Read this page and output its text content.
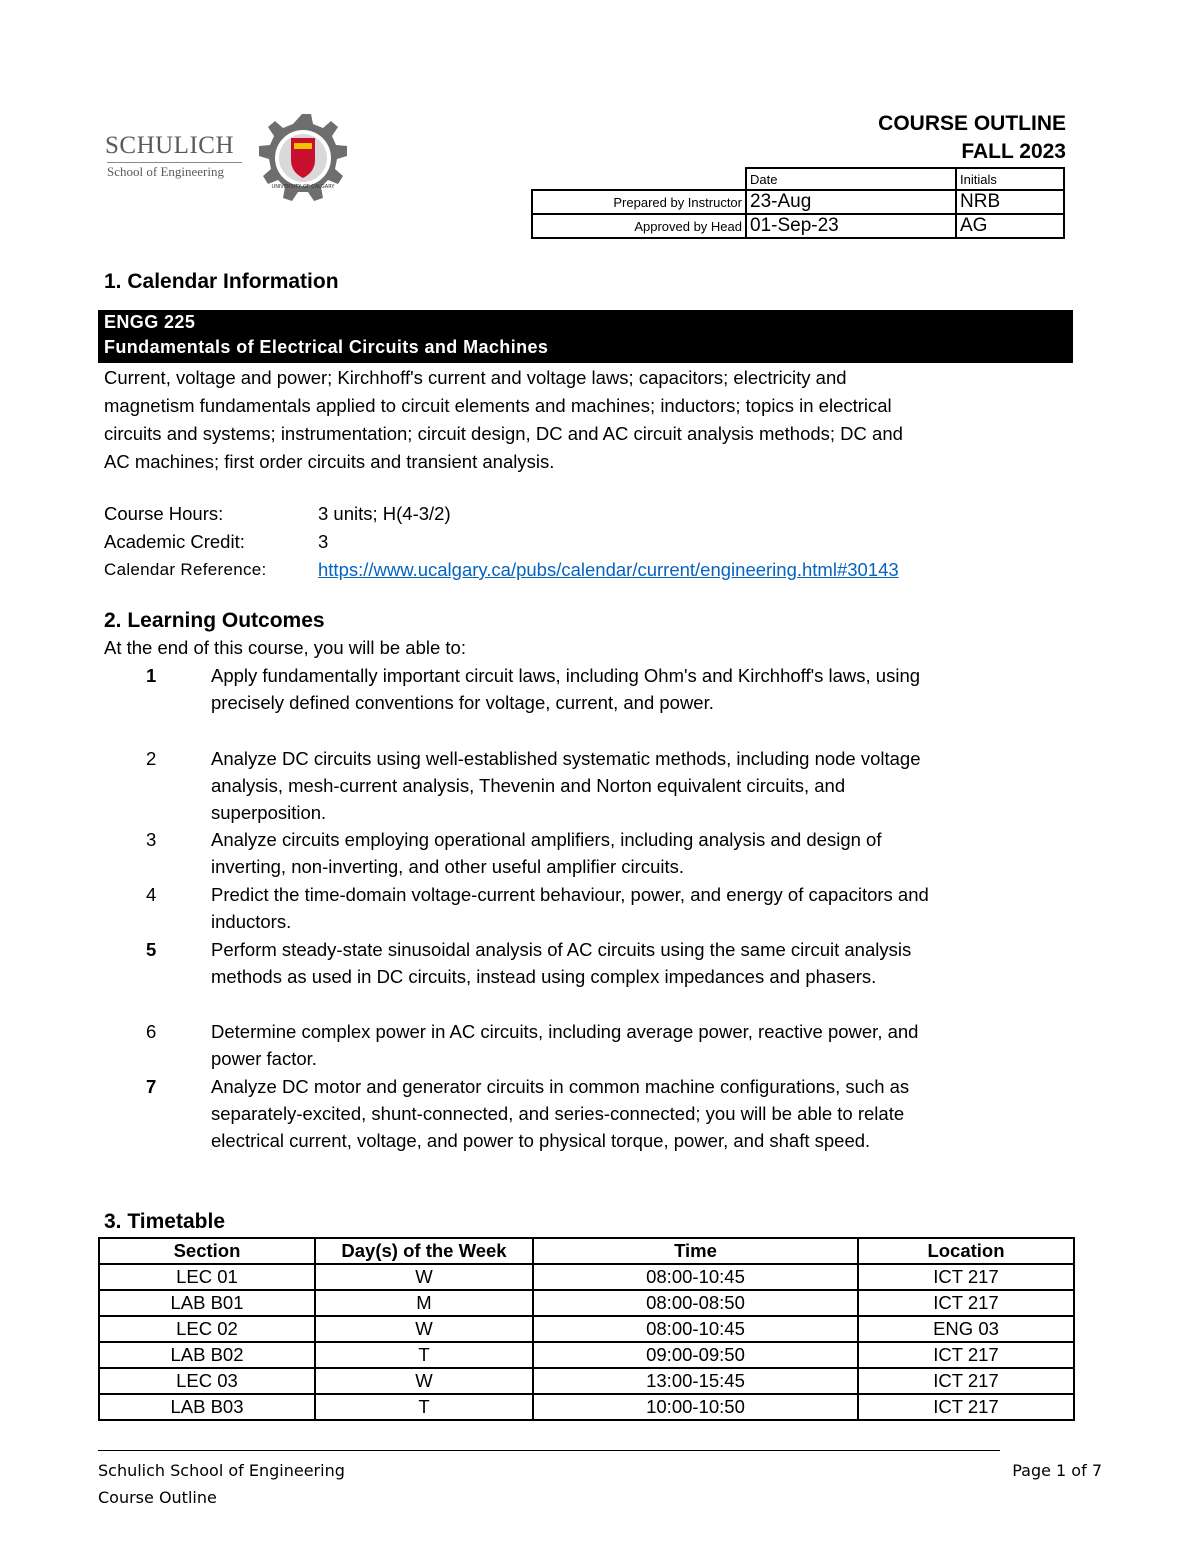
SCHULICH
School of Engineering
UNIVERSITY OF CALGARY
COURSE OUTLINE
FALL 2023
	Date	Initials
Prepared by Instructor	23-Aug	NRB
Approved by Head	01-Sep-23	AG
1. Calendar Information
ENGG 225
Fundamentals of Electrical Circuits and Machines
Current, voltage and power; Kirchhoff's current and voltage laws; capacitors; electricity and
magnetism fundamentals applied to circuit elements and machines; inductors; topics in electrical
circuits and systems; instrumentation; circuit design, DC and AC circuit analysis methods; DC and
AC machines; first order circuits and transient analysis.
Course Hours:	3 units; H(4-3/2)
Academic Credit:	3
Calendar Reference:	https://www.ucalgary.ca/pubs/calendar/current/engineering.html#30143
2. Learning Outcomes
At the end of this course, you will be able to:
1	Apply fundamentally important circuit laws, including Ohm's and Kirchhoff's laws, using
precisely defined conventions for voltage, current, and power.
2	Analyze DC circuits using well-established systematic methods, including node voltage
analysis, mesh-current analysis, Thevenin and Norton equivalent circuits, and
superposition.
3	Analyze circuits employing operational amplifiers, including analysis and design of
inverting, non-inverting, and other useful amplifier circuits.
4	Predict the time-domain voltage-current behaviour, power, and energy of capacitors and
inductors.
5	Perform steady-state sinusoidal analysis of AC circuits using the same circuit analysis
methods as used in DC circuits, instead using complex impedances and phasers.
6	Determine complex power in AC circuits, including average power, reactive power, and
power factor.
7	Analyze DC motor and generator circuits in common machine configurations, such as
separately-excited, shunt-connected, and series-connected; you will be able to relate
electrical current, voltage, and power to physical torque, power, and shaft speed.
3. Timetable
Section	Day(s) of the Week	Time	Location
LEC 01	W	08:00-10:45	ICT 217
LAB B01	M	08:00-08:50	ICT 217
LEC 02	W	08:00-10:45	ENG 03
LAB B02	T	09:00-09:50	ICT 217
LEC 03	W	13:00-15:45	ICT 217
LAB B03	T	10:00-10:50	ICT 217
Schulich School of Engineering
Course Outline
Page 1 of 7
